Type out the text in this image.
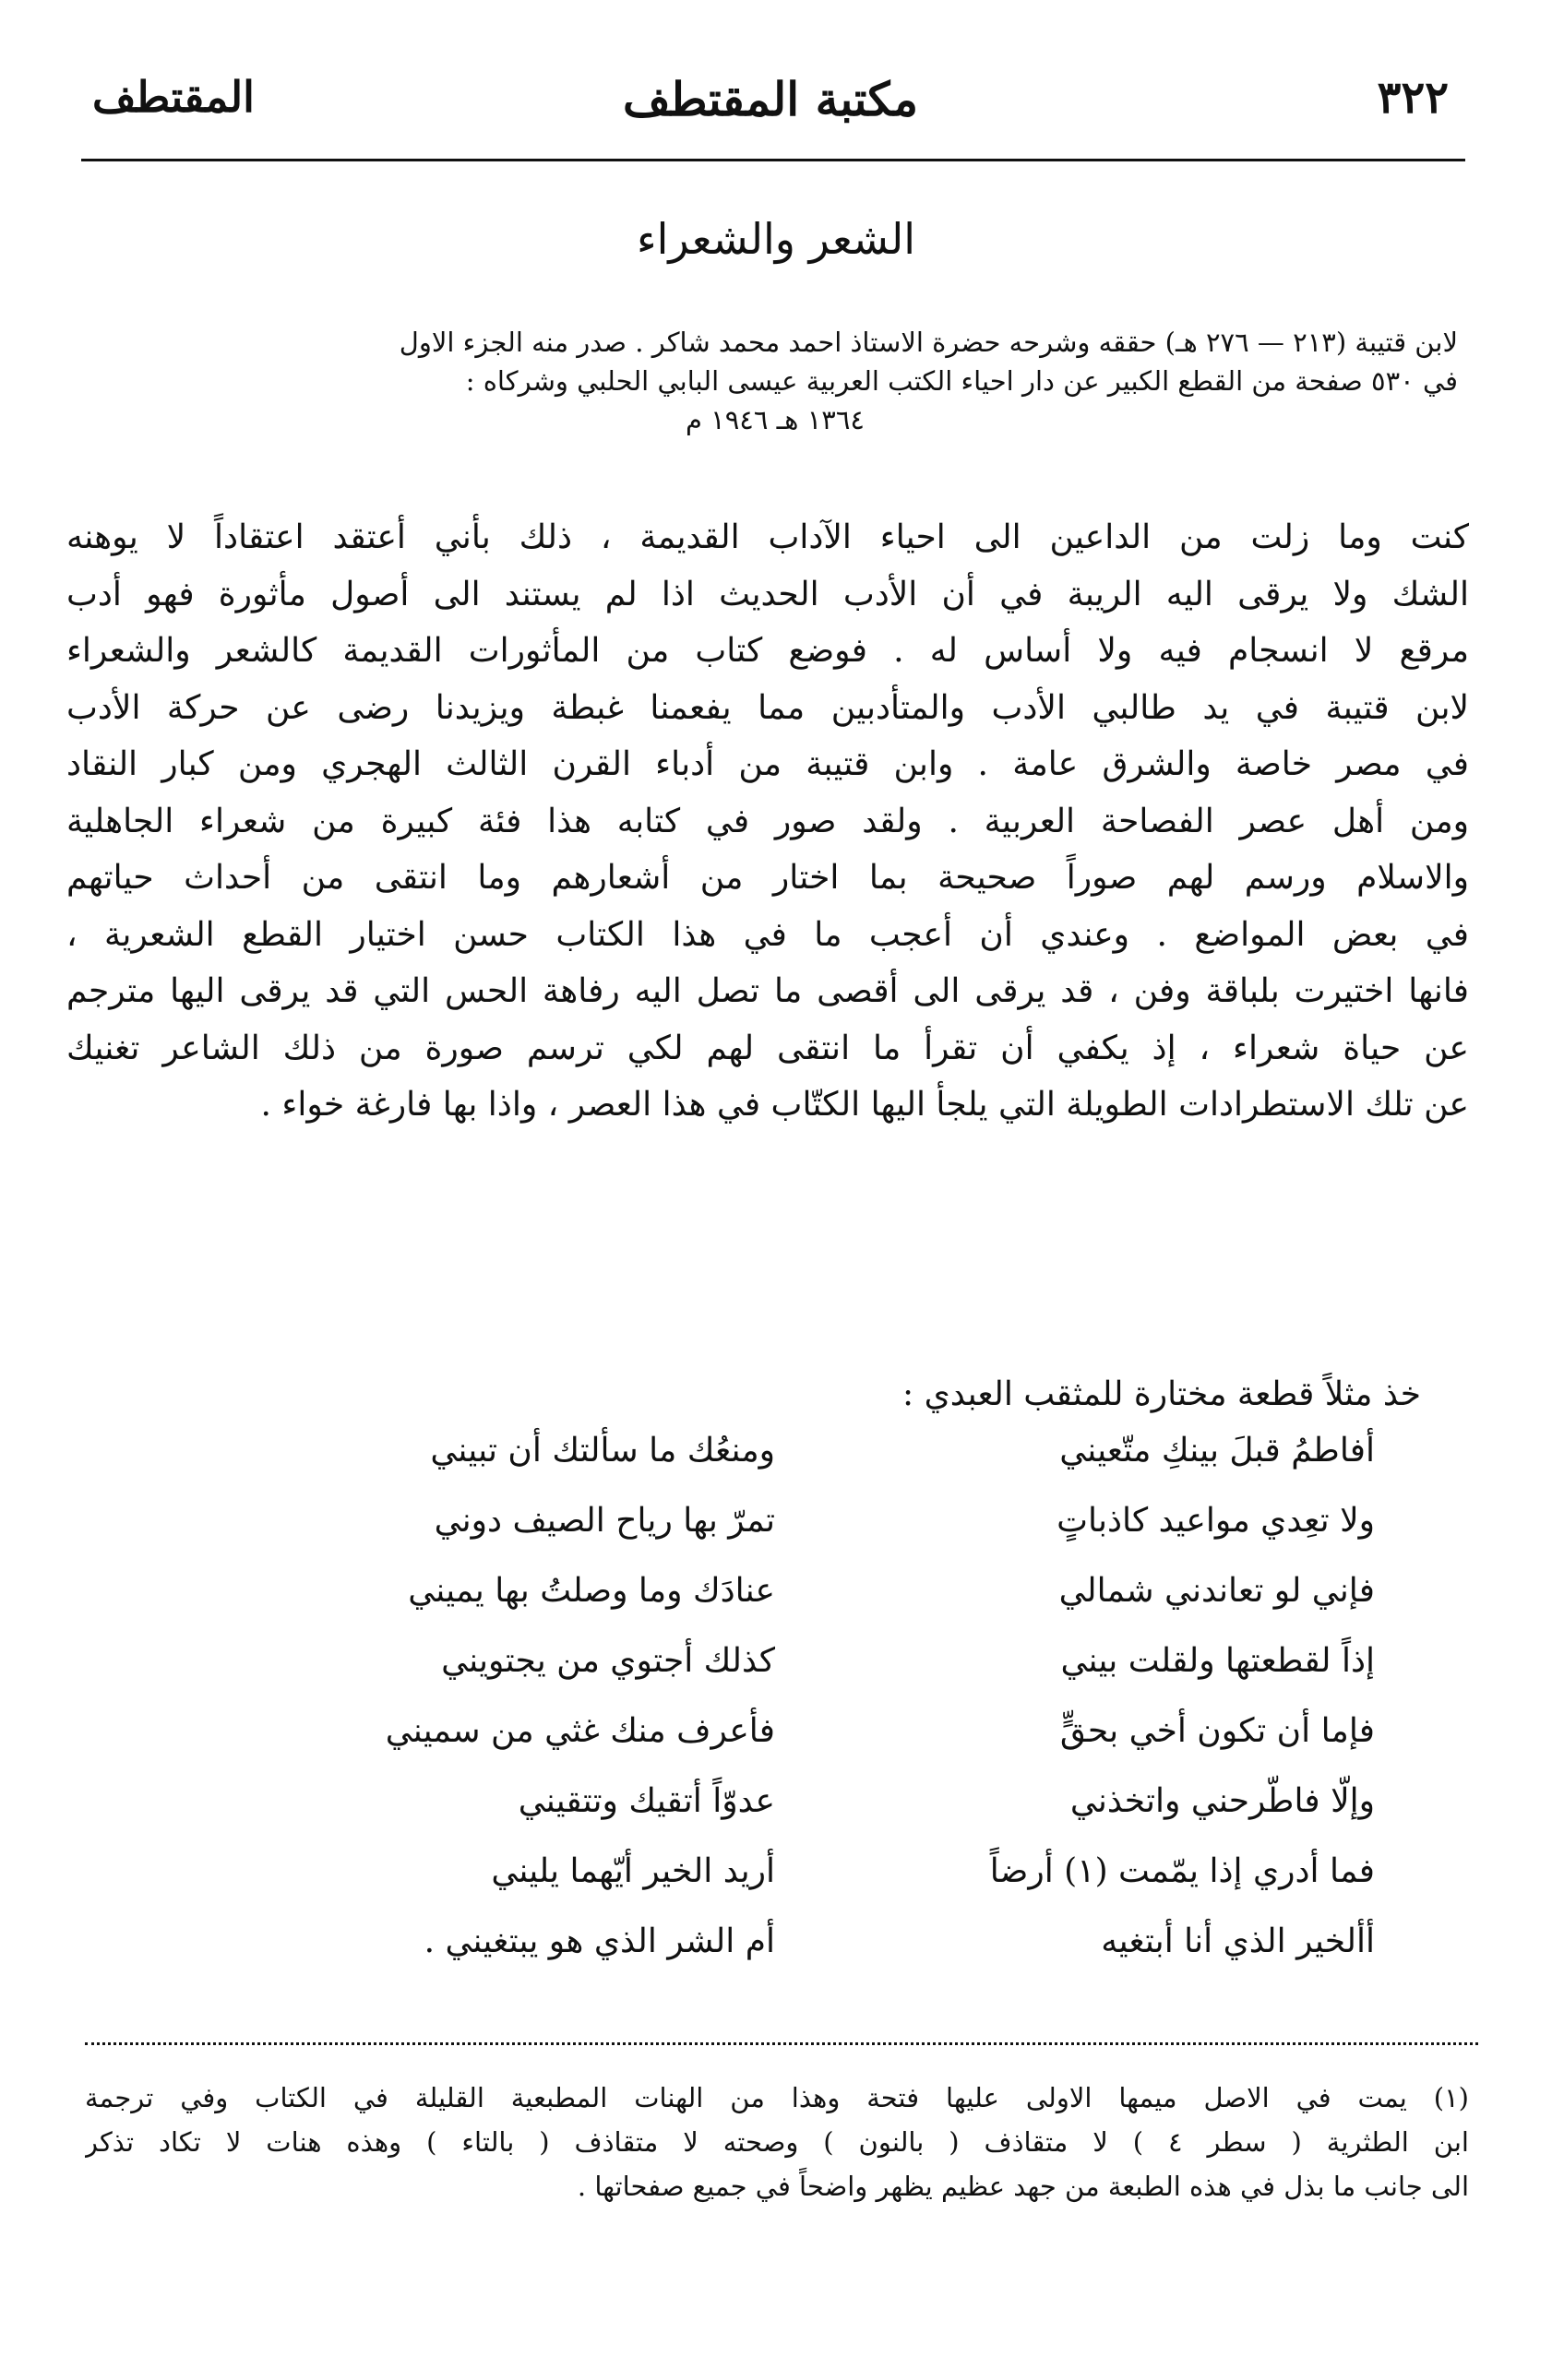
٣٢٢
مكتبة المقتطف
المقتطف
الشعر والشعراء
لابن قتيبة (٢١٣ — ٢٧٦ هـ) حققه وشرحه حضرة الاستاذ احمد محمد شاكر . صدر منه الجزء الاول
في ٥٣٠ صفحة من القطع الكبير عن دار احياء الكتب العربية عيسى البابي الحلبي وشركاه :
١٣٦٤ هـ ١٩٤٦ م
كنت وما زلت من الداعين الى احياء الآداب القديمة ، ذلك بأني أعتقد اعتقاداً لا يوهنه
الشك ولا يرقى اليه الريبة في أن الأدب الحديث اذا لم يستند الى أصول مأثورة فهو أدب
مرقع لا انسجام فيه ولا أساس له . فوضع كتاب من المأثورات القديمة كالشعر والشعراء
لابن قتيبة في يد طالبي الأدب والمتأدبين مما يفعمنا غبطة ويزيدنا رضى عن حركة الأدب
في مصر خاصة والشرق عامة . وابن قتيبة من أدباء القرن الثالث الهجري ومن كبار النقاد
ومن أهل عصر الفصاحة العربية . ولقد صور في كتابه هذا فئة كبيرة من شعراء الجاهلية
والاسلام ورسم لهم صوراً صحيحة بما اختار من أشعارهم وما انتقى من أحداث حياتهم
في بعض المواضع . وعندي أن أعجب ما في هذا الكتاب حسن اختيار القطع الشعرية ،
فانها اختيرت بلباقة وفن ، قد يرقى الى أقصى ما تصل اليه رفاهة الحس التي قد يرقى اليها مترجم
عن حياة شعراء ، إذ يكفي أن تقرأ ما انتقى لهم لكي ترسم صورة من ذلك الشاعر تغنيك
عن تلك الاستطرادات الطويلة التي يلجأ اليها الكتّاب في هذا العصر ، واذا بها فارغة خواء .
خذ مثلاً قطعة مختارة للمثقب العبدي :
أفاطمُ قبلَ بينكِ متّعيني
ومنعُك ما سألتك أن تبيني
ولا تعِدي مواعيد كاذباتٍ
تمرّ بها رياح الصيف دوني
فإني لو تعاندني شمالي
عنادَك وما وصلتُ بها يميني
إذاً لقطعتها ولقلت بيني
كذلك أجتوي من يجتويني
فإما أن تكون أخي بحقٍّ
فأعرف منك غثي من سميني
وإلّا فاطّرحني واتخذني
عدوّاً أتقيك وتتقيني
فما أدري إذا يمّمت (١) أرضاً
أريد الخير أيّهما يليني
أألخير الذي أنا أبتغيه
أم الشر الذي هو يبتغيني .
(١) يمت في الاصل ميمها الاولى عليها فتحة وهذا من الهنات المطبعية القليلة في الكتاب وفي ترجمة
ابن الطثرية ( سطر ٤ ) لا متقاذف ( بالنون ) وصحته لا متقاذف ( بالتاء ) وهذه هنات لا تكاد تذكر
الى جانب ما بذل في هذه الطبعة من جهد عظيم يظهر واضحاً في جميع صفحاتها .
